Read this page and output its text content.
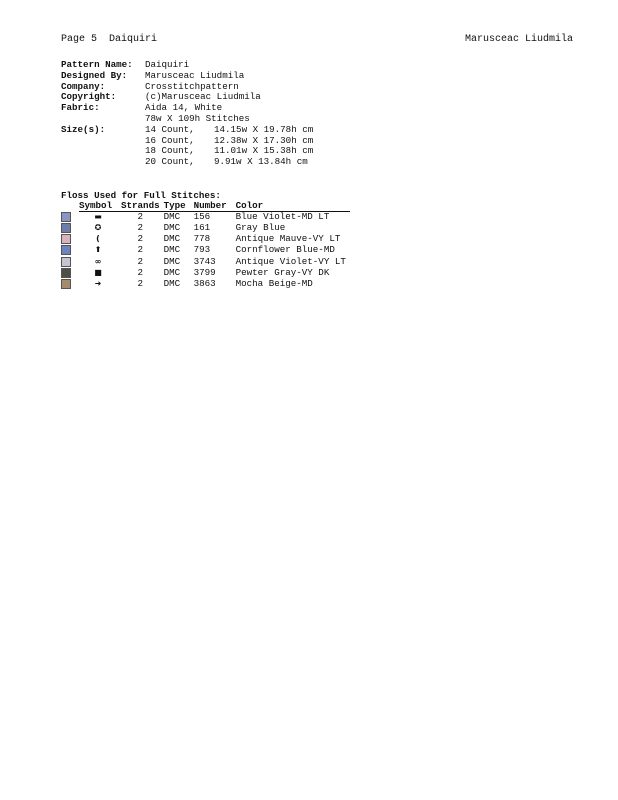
Page 5  Daiquiri	Marusceac Liudmila
Pattern Name:	Daiquiri
Designed By:	Marusceac Liudmila
Company:	Crosstitchpattern
Copyright:	(c)Marusceac Liudmila
Fabric:	Aida 14, White
78w X 109h Stitches
Size(s):	14 Count, 14.15w X 19.78h cm
16 Count, 12.38w X 17.30h cm
18 Count, 11.01w X 15.38h cm
20 Count, 9.91w X 13.84h cm
Floss Used for Full Stitches:
	Symbol	Strands	Type	Number	Color
	▬	2	DMC	156	Blue Violet-MD LT
	✪	2	DMC	161	Gray Blue
	(	2	DMC	778	Antique Mauve-VY LT
	⬆	2	DMC	793	Cornflower Blue-MD
	∞	2	DMC	3743	Antique Violet-VY LT
	■	2	DMC	3799	Pewter Gray-VY DK
	➜	2	DMC	3863	Mocha Beige-MD
